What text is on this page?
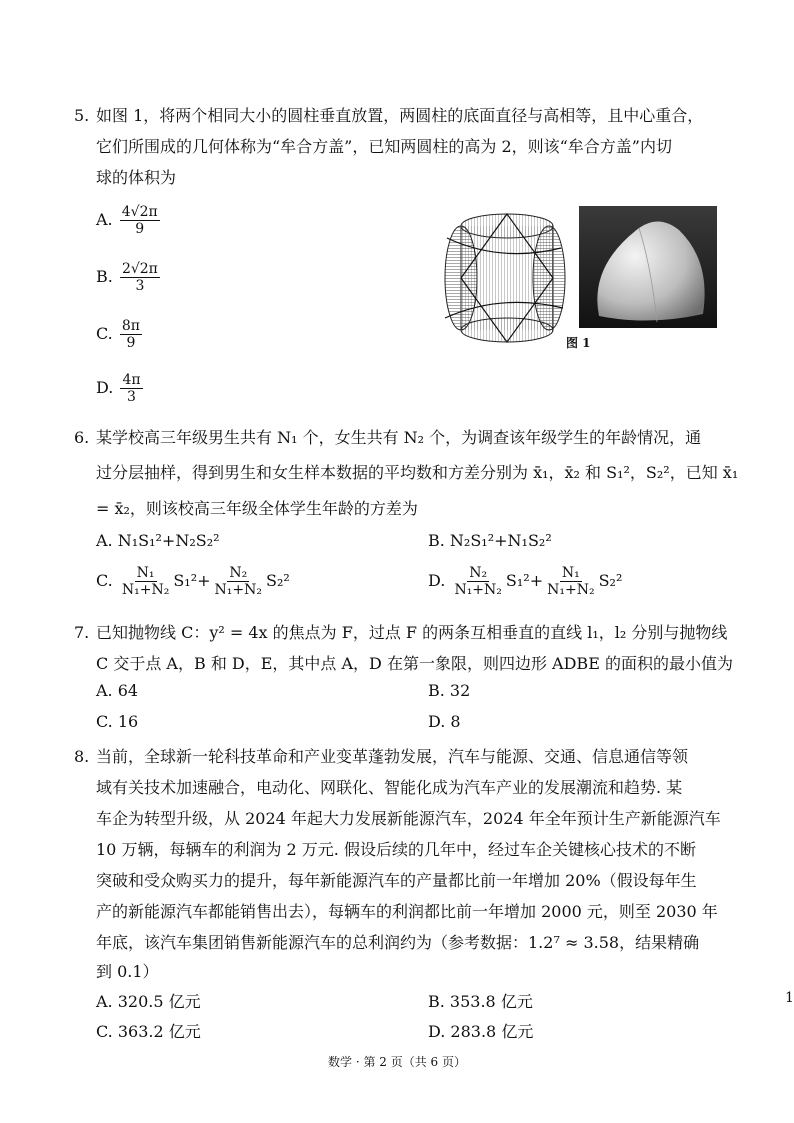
5. 如图 1，将两个相同大小的圆柱垂直放置，两圆柱的底面直径与高相等，且中心重合，
它们所围成的几何体称为“牟合方盖”，已知两圆柱的高为 2，则该“牟合方盖”内切
球的体积为
A. $\frac{4√2\pi}{9}$
B. $\frac{2√2\pi}{3}$
C. $\frac{8\pi}{9}$
D. $\frac{4\pi}{3}$
图 1
6. 某学校高三年级男生共有 N₁ 个，女生共有 N₂ 个，为调查该年级学生的年龄情况，通
过分层抽样，得到男生和女生样本数据的平均数和方差分别为 x̄₁，x̄₂ 和 S₁²，S₂²，已知 x̄₁
= x̄₂，则该校高三年级全体学生年龄的方差为
A. N₁S₁²+N₂S₂²	B. N₂S₁²+N₁S₂²
C. $\frac{\text{N₁}}{\text{N₁+N₂}} S_1^2+ \frac{\text{N₂}}{\text{N₁+N₂}} S_2^2$	D. $\frac{\text{N₂}}{\text{N₁+N₂}} S_1^2+ \frac{\text{N₁}}{\text{N₁+N₂}} S_2^2$
7. 已知抛物线 C：y² = 4x 的焦点为 F，过点 F 的两条互相垂直的直线 l₁，l₂ 分别与抛物线
C 交于点 A，B 和 D，E，其中点 A，D 在第一象限，则四边形 ADBE 的面积的最小值为
A. 64	B. 32
C. 16	D. 8
8. 当前，全球新一轮科技革命和产业变革蓬勃发展，汽车与能源、交通、信息通信等领
域有关技术加速融合，电动化、网联化、智能化成为汽车产业的发展潮流和趋势. 某
车企为转型升级，从 2024 年起大力发展新能源汽车，2024 年全年预计生产新能源汽车
10 万辆，每辆车的利润为 2 万元. 假设后续的几年中，经过车企关键核心技术的不断
突破和受众购买力的提升，每年新能源汽车的产量都比前一年增加 20%（假设每年生
产的新能源汽车都能销售出去），每辆车的利润都比前一年增加 2000 元，则至 2030 年
年底，该汽车集团销售新能源汽车的总利润约为（参考数据：1.2⁷ ≈ 3.58，结果精确
到 0.1）
A. 320.5 亿元	B. 353.8 亿元
C. 363.2 亿元	D. 283.8 亿元
1
数学 · 第 2 页（共 6 页）
